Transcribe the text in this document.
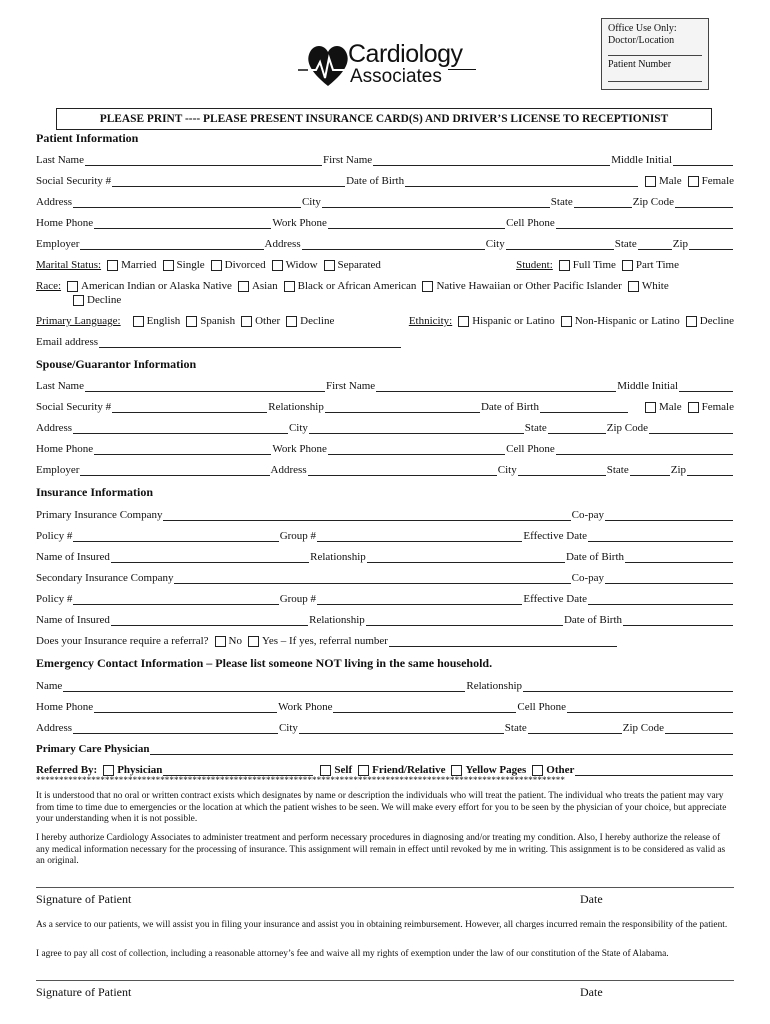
Office Use Only:
Doctor/Location
Patient Number
Cardiology
Associates
PLEASE PRINT ---- PLEASE PRESENT INSURANCE CARD(S) AND DRIVER’S LICENSE TO RECEPTIONIST
Patient Information
Last Name	First Name	Middle Initial
Social Security #	Date of Birth	Male Female
Address	City	State	Zip Code
Home Phone	Work Phone	Cell Phone
Employer	Address	City	State	Zip
Marital Status: Married Single Divorced Widow Separated	Student: Full Time Part Time
Race: American Indian or Alaska Native Asian Black or African American Native Hawaiian or Other Pacific Islander White
Decline
Primary Language: English Spanish Other Decline	Ethnicity: Hispanic or Latino Non-Hispanic or Latino Decline
Email address
Spouse/Guarantor Information
Last Name	First Name	Middle Initial
Social Security #	Relationship	Date of Birth	Male Female
Address	City	State	Zip Code
Home Phone	Work Phone	Cell Phone
Employer	Address	City	State	Zip
Insurance Information
Primary Insurance Company	Co-pay
Policy #	Group #	Effective Date
Name of Insured	Relationship	Date of Birth
Secondary Insurance Company	Co-pay
Policy #	Group #	Effective Date
Name of Insured	Relationship	Date of Birth
Does your Insurance require a referral? No Yes – If yes, referral number
Emergency Contact Information – Please list someone NOT living in the same household.
Name	Relationship
Home Phone	Work Phone	Cell Phone
Address	City	State	Zip Code
Primary Care Physician
Referred By: Physician	Self Friend/Relative Yellow Pages Other
*******************************************************************************************************************
It is understood that no oral or written contract exists which designates by name or description the individuals who will treat the patient. The individual who treats the patient may vary from time to time due to emergencies or the location at which the patient wishes to be seen. We will make every effort for you to be seen by the physician of your choice, but appreciate your understanding when it is not possible.
I hereby authorize Cardiology Associates to administer treatment and perform necessary procedures in diagnosing and/or treating my condition. Also, I hereby authorize the release of any medical information necessary for the processing of insurance. This assignment will remain in effect until revoked by me in writing. This assignment is to be considered as valid as an original.
Signature of Patient	Date
As a service to our patients, we will assist you in filing your insurance and assist you in obtaining reimbursement. However, all charges incurred remain the responsibility of the patient.
I agree to pay all cost of collection, including a reasonable attorney’s fee and waive all my rights of exemption under the law of our constitution of the State of Alabama.
Signature of Patient	Date
